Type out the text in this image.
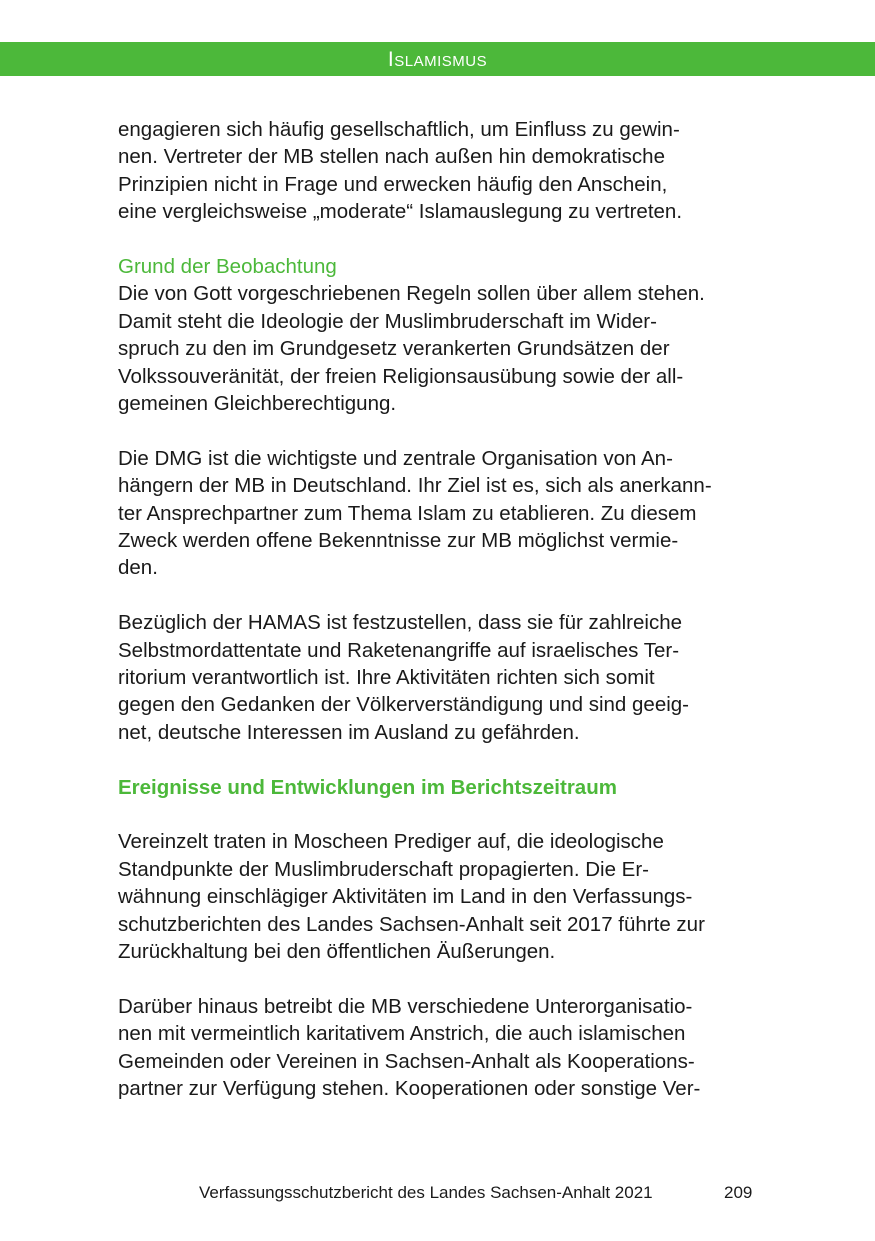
Islamismus
engagieren sich häufig gesellschaftlich, um Einfluss zu gewin-
nen. Vertreter der MB stellen nach außen hin demokratische
Prinzipien nicht in Frage und erwecken häufig den Anschein,
eine vergleichsweise „moderate“ Islamauslegung zu vertreten.
Grund der Beobachtung
Die von Gott vorgeschriebenen Regeln sollen über allem stehen.
Damit steht die Ideologie der Muslimbruderschaft im Wider-
spruch zu den im Grundgesetz verankerten Grundsätzen der
Volkssouveränität, der freien Religionsausübung sowie der all-
gemeinen Gleichberechtigung.
Die DMG ist die wichtigste und zentrale Organisation von An-
hängern der MB in Deutschland. Ihr Ziel ist es, sich als anerkann-
ter Ansprechpartner zum Thema Islam zu etablieren. Zu diesem
Zweck werden offene Bekenntnisse zur MB möglichst vermie-
den.
Bezüglich der HAMAS ist festzustellen, dass sie für zahlreiche
Selbstmordattentate und Raketenangriffe auf israelisches Ter-
ritorium verantwortlich ist. Ihre Aktivitäten richten sich somit
gegen den Gedanken der Völkerverständigung und sind geeig-
net, deutsche Interessen im Ausland zu gefährden.
Ereignisse und Entwicklungen im Berichtszeitraum
Vereinzelt traten in Moscheen Prediger auf, die ideologische
Standpunkte der Muslimbruderschaft propagierten. Die Er-
wähnung einschlägiger Aktivitäten im Land in den Verfassungs-
schutzberichten des Landes Sachsen-Anhalt seit 2017 führte zur
Zurückhaltung bei den öffentlichen Äußerungen.
Darüber hinaus betreibt die MB verschiedene Unterorganisatio-
nen mit vermeintlich karitativem Anstrich, die auch islamischen
Gemeinden oder Vereinen in Sachsen-Anhalt als Kooperations-
partner zur Verfügung stehen. Kooperationen oder sonstige Ver-
Verfassungsschutzbericht des Landes Sachsen-Anhalt 2021	209
